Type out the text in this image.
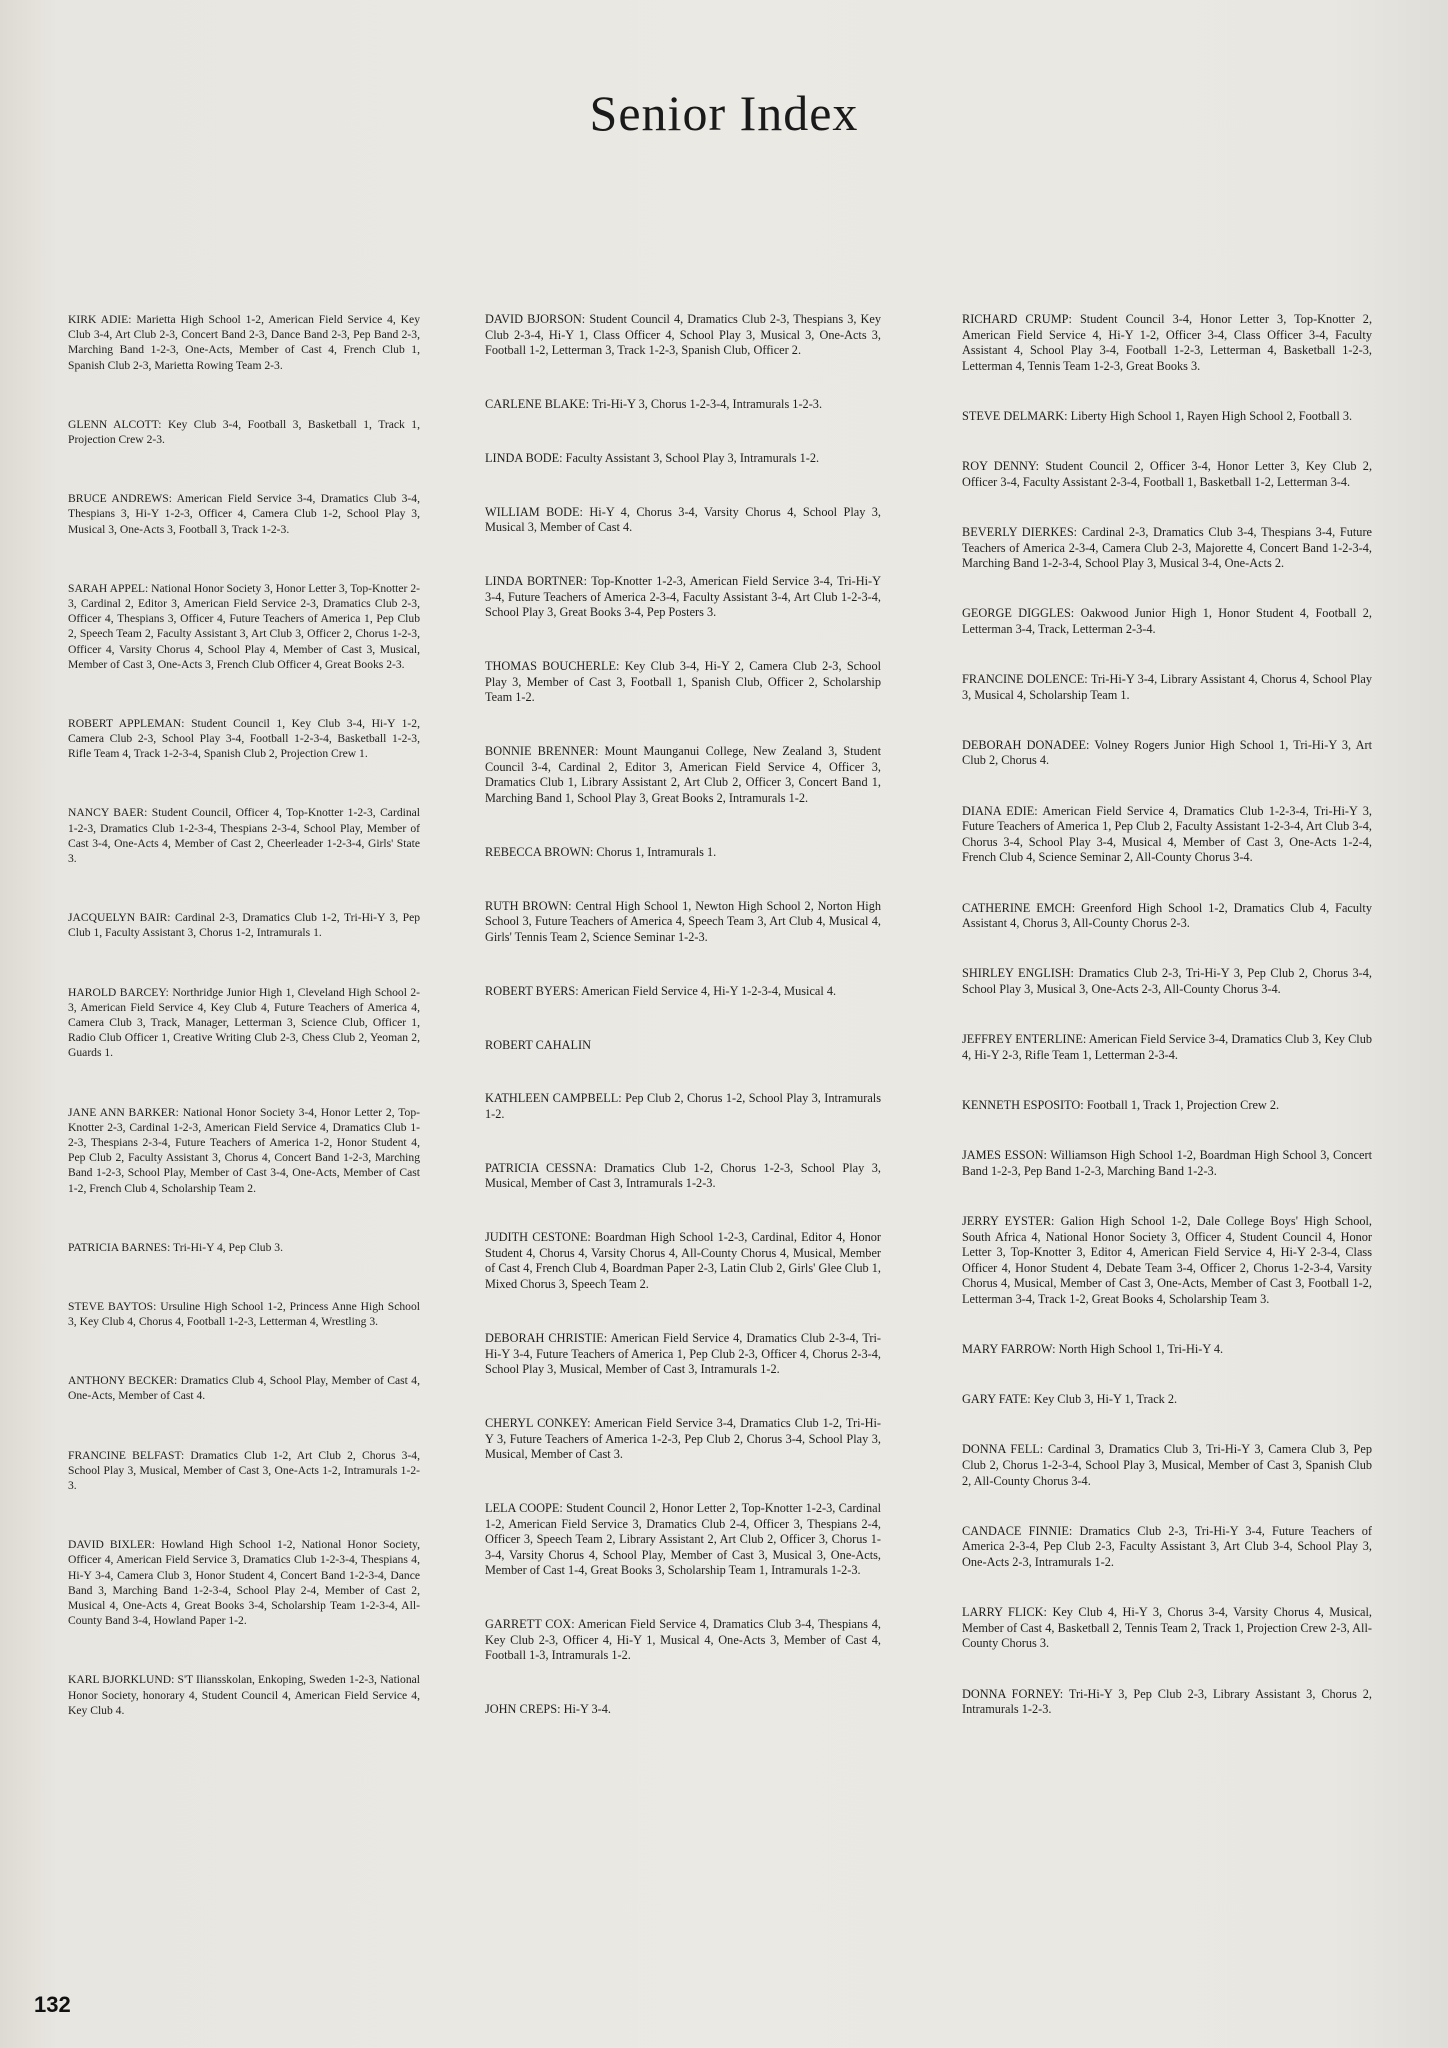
Senior Index

KIRK ADIE: Marietta High School 1-2, American Field Service 4, Key Club 3-4, Art Club 2-3, Concert Band 2-3, Dance Band 2-3, Pep Band 2-3, Marching Band 1-2-3, One-Acts, Member of Cast 4, French Club 1, Spanish Club 2-3, Marietta Rowing Team 2-3.

GLENN ALCOTT: Key Club 3-4, Football 3, Basketball 1, Track 1, Projection Crew 2-3.

BRUCE ANDREWS: American Field Service 3-4, Dramatics Club 3-4, Thespians 3, Hi-Y 1-2-3, Officer 4, Camera Club 1-2, School Play 3, Musical 3, One-Acts 3, Football 3, Track 1-2-3.

SARAH APPEL: National Honor Society 3, Honor Letter 3, Top-Knotter 2-3, Cardinal 2, Editor 3, American Field Service 2-3, Dramatics Club 2-3, Officer 4, Thespians 3, Officer 4, Future Teachers of America 1, Pep Club 2, Speech Team 2, Faculty Assistant 3, Art Club 3, Officer 2, Chorus 1-2-3, Officer 4, Varsity Chorus 4, School Play 4, Member of Cast 3, Musical, Member of Cast 3, One-Acts 3, French Club Officer 4, Great Books 2-3.

ROBERT APPLEMAN: Student Council 1, Key Club 3-4, Hi-Y 1-2, Camera Club 2-3, School Play 3-4, Football 1-2-3-4, Basketball 1-2-3, Rifle Team 4, Track 1-2-3-4, Spanish Club 2, Projection Crew 1.

NANCY BAER: Student Council, Officer 4, Top-Knotter 1-2-3, Cardinal 1-2-3, Dramatics Club 1-2-3-4, Thespians 2-3-4, School Play, Member of Cast 3-4, One-Acts 4, Member of Cast 2, Cheerleader 1-2-3-4, Girls' State 3.

JACQUELYN BAIR: Cardinal 2-3, Dramatics Club 1-2, Tri-Hi-Y 3, Pep Club 1, Faculty Assistant 3, Chorus 1-2, Intramurals 1.

HAROLD BARCEY: Northridge Junior High 1, Cleveland High School 2-3, American Field Service 4, Key Club 4, Future Teachers of America 4, Camera Club 3, Track, Manager, Letterman 3, Science Club, Officer 1, Radio Club Officer 1, Creative Writing Club 2-3, Chess Club 2, Yeoman 2, Guards 1.

JANE ANN BARKER: National Honor Society 3-4, Honor Letter 2, Top-Knotter 2-3, Cardinal 1-2-3, American Field Service 4, Dramatics Club 1-2-3, Thespians 2-3-4, Future Teachers of America 1-2, Honor Student 4, Pep Club 2, Faculty Assistant 3, Chorus 4, Concert Band 1-2-3, Marching Band 1-2-3, School Play, Member of Cast 3-4, One-Acts, Member of Cast 1-2, French Club 4, Scholarship Team 2.

PATRICIA BARNES: Tri-Hi-Y 4, Pep Club 3.

STEVE BAYTOS: Ursuline High School 1-2, Princess Anne High School 3, Key Club 4, Chorus 4, Football 1-2-3, Letterman 4, Wrestling 3.

ANTHONY BECKER: Dramatics Club 4, School Play, Member of Cast 4, One-Acts, Member of Cast 4.

FRANCINE BELFAST: Dramatics Club 1-2, Art Club 2, Chorus 3-4, School Play 3, Musical, Member of Cast 3, One-Acts 1-2, Intramurals 1-2-3.

DAVID BIXLER: Howland High School 1-2, National Honor Society, Officer 4, American Field Service 3, Dramatics Club 1-2-3-4, Thespians 4, Hi-Y 3-4, Camera Club 3, Honor Student 4, Concert Band 1-2-3-4, Dance Band 3, Marching Band 1-2-3-4, School Play 2-4, Member of Cast 2, Musical 4, One-Acts 4, Great Books 3-4, Scholarship Team 1-2-3-4, All-County Band 3-4, Howland Paper 1-2.

KARL BJORKLUND: S'T Iliansskolan, Enkoping, Sweden 1-2-3, National Honor Society, honorary 4, Student Council 4, American Field Service 4, Key Club 4.

DAVID BJORSON: Student Council 4, Dramatics Club 2-3, Thespians 3, Key Club 2-3-4, Hi-Y 1, Class Officer 4, School Play 3, Musical 3, One-Acts 3, Football 1-2, Letterman 3, Track 1-2-3, Spanish Club, Officer 2.

CARLENE BLAKE: Tri-Hi-Y 3, Chorus 1-2-3-4, Intramurals 1-2-3.

LINDA BODE: Faculty Assistant 3, School Play 3, Intramurals 1-2.

WILLIAM BODE: Hi-Y 4, Chorus 3-4, Varsity Chorus 4, School Play 3, Musical 3, Member of Cast 4.

LINDA BORTNER: Top-Knotter 1-2-3, American Field Service 3-4, Tri-Hi-Y 3-4, Future Teachers of America 2-3-4, Faculty Assistant 3-4, Art Club 1-2-3-4, School Play 3, Great Books 3-4, Pep Posters 3.

THOMAS BOUCHERLE: Key Club 3-4, Hi-Y 2, Camera Club 2-3, School Play 3, Member of Cast 3, Football 1, Spanish Club, Officer 2, Scholarship Team 1-2.

BONNIE BRENNER: Mount Maunganui College, New Zealand 3, Student Council 3-4, Cardinal 2, Editor 3, American Field Service 4, Officer 3, Dramatics Club 1, Library Assistant 2, Art Club 2, Officer 3, Concert Band 1, Marching Band 1, School Play 3, Great Books 2, Intramurals 1-2.

REBECCA BROWN: Chorus 1, Intramurals 1.

RUTH BROWN: Central High School 1, Newton High School 2, Norton High School 3, Future Teachers of America 4, Speech Team 3, Art Club 4, Musical 4, Girls' Tennis Team 2, Science Seminar 1-2-3.

ROBERT BYERS: American Field Service 4, Hi-Y 1-2-3-4, Musical 4.

ROBERT CAHALIN

KATHLEEN CAMPBELL: Pep Club 2, Chorus 1-2, School Play 3, Intramurals 1-2.

PATRICIA CESSNA: Dramatics Club 1-2, Chorus 1-2-3, School Play 3, Musical, Member of Cast 3, Intramurals 1-2-3.

JUDITH CESTONE: Boardman High School 1-2-3, Cardinal, Editor 4, Honor Student 4, Chorus 4, Varsity Chorus 4, All-County Chorus 4, Musical, Member of Cast 4, French Club 4, Boardman Paper 2-3, Latin Club 2, Girls' Glee Club 1, Mixed Chorus 3, Speech Team 2.

DEBORAH CHRISTIE: American Field Service 4, Dramatics Club 2-3-4, Tri-Hi-Y 3-4, Future Teachers of America 1, Pep Club 2-3, Officer 4, Chorus 2-3-4, School Play 3, Musical, Member of Cast 3, Intramurals 1-2.

CHERYL CONKEY: American Field Service 3-4, Dramatics Club 1-2, Tri-Hi-Y 3, Future Teachers of America 1-2-3, Pep Club 2, Chorus 3-4, School Play 3, Musical, Member of Cast 3.

LELA COOPE: Student Council 2, Honor Letter 2, Top-Knotter 1-2-3, Cardinal 1-2, American Field Service 3, Dramatics Club 2-4, Officer 3, Thespians 2-4, Officer 3, Speech Team 2, Library Assistant 2, Art Club 2, Officer 3, Chorus 1-3-4, Varsity Chorus 4, School Play, Member of Cast 3, Musical 3, One-Acts, Member of Cast 1-4, Great Books 3, Scholarship Team 1, Intramurals 1-2-3.

GARRETT COX: American Field Service 4, Dramatics Club 3-4, Thespians 4, Key Club 2-3, Officer 4, Hi-Y 1, Musical 4, One-Acts 3, Member of Cast 4, Football 1-3, Intramurals 1-2.

JOHN CREPS: Hi-Y 3-4.

RICHARD CRUMP: Student Council 3-4, Honor Letter 3, Top-Knotter 2, American Field Service 4, Hi-Y 1-2, Officer 3-4, Class Officer 3-4, Faculty Assistant 4, School Play 3-4, Football 1-2-3, Letterman 4, Basketball 1-2-3, Letterman 4, Tennis Team 1-2-3, Great Books 3.

STEVE DELMARK: Liberty High School 1, Rayen High School 2, Football 3.

ROY DENNY: Student Council 2, Officer 3-4, Honor Letter 3, Key Club 2, Officer 3-4, Faculty Assistant 2-3-4, Football 1, Basketball 1-2, Letterman 3-4.

BEVERLY DIERKES: Cardinal 2-3, Dramatics Club 3-4, Thespians 3-4, Future Teachers of America 2-3-4, Camera Club 2-3, Majorette 4, Concert Band 1-2-3-4, Marching Band 1-2-3-4, School Play 3, Musical 3-4, One-Acts 2.

GEORGE DIGGLES: Oakwood Junior High 1, Honor Student 4, Football 2, Letterman 3-4, Track, Letterman 2-3-4.

FRANCINE DOLENCE: Tri-Hi-Y 3-4, Library Assistant 4, Chorus 4, School Play 3, Musical 4, Scholarship Team 1.

DEBORAH DONADEE: Volney Rogers Junior High School 1, Tri-Hi-Y 3, Art Club 2, Chorus 4.

DIANA EDIE: American Field Service 4, Dramatics Club 1-2-3-4, Tri-Hi-Y 3, Future Teachers of America 1, Pep Club 2, Faculty Assistant 1-2-3-4, Art Club 3-4, Chorus 3-4, School Play 3-4, Musical 4, Member of Cast 3, One-Acts 1-2-4, French Club 4, Science Seminar 2, All-County Chorus 3-4.

CATHERINE EMCH: Greenford High School 1-2, Dramatics Club 4, Faculty Assistant 4, Chorus 3, All-County Chorus 2-3.

SHIRLEY ENGLISH: Dramatics Club 2-3, Tri-Hi-Y 3, Pep Club 2, Chorus 3-4, School Play 3, Musical 3, One-Acts 2-3, All-County Chorus 3-4.

JEFFREY ENTERLINE: American Field Service 3-4, Dramatics Club 3, Key Club 4, Hi-Y 2-3, Rifle Team 1, Letterman 2-3-4.

KENNETH ESPOSITO: Football 1, Track 1, Projection Crew 2.

JAMES ESSON: Williamson High School 1-2, Boardman High School 3, Concert Band 1-2-3, Pep Band 1-2-3, Marching Band 1-2-3.

JERRY EYSTER: Galion High School 1-2, Dale College Boys' High School, South Africa 4, National Honor Society 3, Officer 4, Student Council 4, Honor Letter 3, Top-Knotter 3, Editor 4, American Field Service 4, Hi-Y 2-3-4, Class Officer 4, Honor Student 4, Debate Team 3-4, Officer 2, Chorus 1-2-3-4, Varsity Chorus 4, Musical, Member of Cast 3, One-Acts, Member of Cast 3, Football 1-2, Letterman 3-4, Track 1-2, Great Books 4, Scholarship Team 3.

MARY FARROW: North High School 1, Tri-Hi-Y 4.

GARY FATE: Key Club 3, Hi-Y 1, Track 2.

DONNA FELL: Cardinal 3, Dramatics Club 3, Tri-Hi-Y 3, Camera Club 3, Pep Club 2, Chorus 1-2-3-4, School Play 3, Musical, Member of Cast 3, Spanish Club 2, All-County Chorus 3-4.

CANDACE FINNIE: Dramatics Club 2-3, Tri-Hi-Y 3-4, Future Teachers of America 2-3-4, Pep Club 2-3, Faculty Assistant 3, Art Club 3-4, School Play 3, One-Acts 2-3, Intramurals 1-2.

LARRY FLICK: Key Club 4, Hi-Y 3, Chorus 3-4, Varsity Chorus 4, Musical, Member of Cast 4, Basketball 2, Tennis Team 2, Track 1, Projection Crew 2-3, All-County Chorus 3.

DONNA FORNEY: Tri-Hi-Y 3, Pep Club 2-3, Library Assistant 3, Chorus 2, Intramurals 1-2-3.

132
